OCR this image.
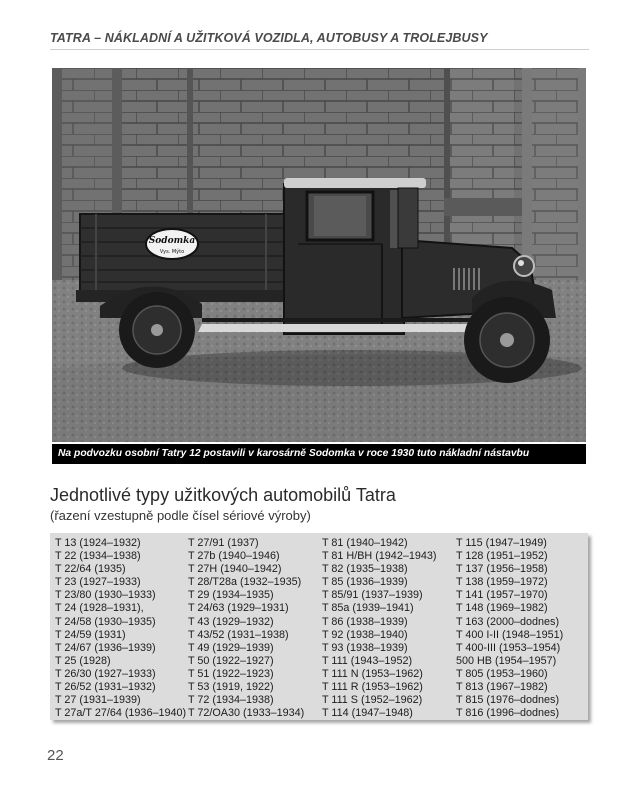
TATRA – NÁKLADNÍ A UŽITKOVÁ VOZIDLA, AUTOBUSY A TROLEJBUSY
Sodomka
Vys. Mýto
Na podvozku osobní Tatry 12 postavili v karosárně Sodomka v roce 1930 tuto nákladní nástavbu
Jednotlivé typy užitkových automobilů Tatra
(řazení vzestupně podle čísel sériové výroby)
T 13 (1924–1932)
T 22 (1934–1938)
T 22/64 (1935)
T 23 (1927–1933)
T 23/80 (1930–1933)
T 24 (1928–1931),
T 24/58 (1930–1935)
T 24/59 (1931)
T 24/67 (1936–1939)
T 25 (1928)
T 26/30 (1927–1933)
T 26/52 (1931–1932)
T 27 (1931–1939)
T 27a/T 27/64 (1936–1940)
T 27/91 (1937)
T 27b (1940–1946)
T 27H (1940–1942)
T 28/T28a (1932–1935)
T 29 (1934–1935)
T 24/63 (1929–1931)
T 43 (1929–1932)
T 43/52 (1931–1938)
T 49 (1929–1939)
T 50 (1922–1927)
T 51 (1922–1923)
T 53 (1919, 1922)
T 72 (1934–1938)
T 72/OA30 (1933–1934)
T 81 (1940–1942)
T 81 H/BH (1942–1943)
T 82 (1935–1938)
T 85 (1936–1939)
T 85/91 (1937–1939)
T 85a (1939–1941)
T 86 (1938–1939)
T 92 (1938–1940)
T 93 (1938–1939)
T 111 (1943–1952)
T 111 N (1953–1962)
T 111 R (1953–1962)
T 111 S (1952–1962)
T 114 (1947–1948)
T 115 (1947–1949)
T 128 (1951–1952)
T 137 (1956–1958)
T 138 (1959–1972)
T 141 (1957–1970)
T 148 (1969–1982)
T 163 (2000–dodnes)
T 400 I-II (1948–1951)
T 400-III (1953–1954)
500 HB (1954–1957)
T 805 (1953–1960)
T 813 (1967–1982)
T 815 (1976–dodnes)
T 816 (1996–dodnes)
22
